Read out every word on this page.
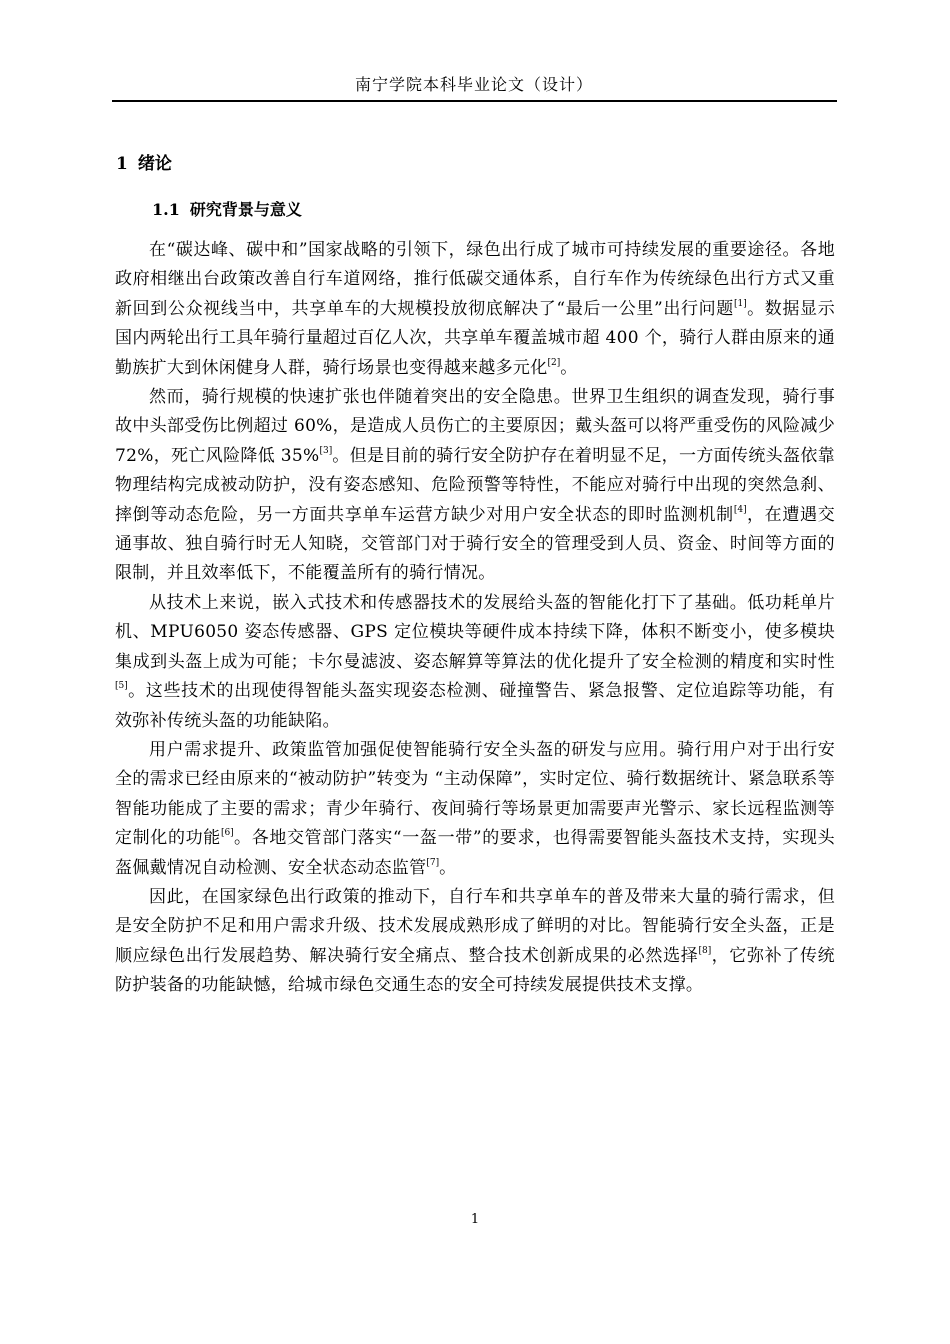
南宁学院本科毕业论文（设计）
1 绪论
1.1 研究背景与意义

在“碳达峰、碳中和”国家战略的引领下，绿色出行成了城市可持续发展的重要途径。各地政府相继出台政策改善自行车道网络，推行低碳交通体系，自行车作为传统绿色出行方式又重新回到公众视线当中，共享单车的大规模投放彻底解决了“最后一公里”出行问题[1]。数据显示国内两轮出行工具年骑行量超过百亿人次，共享单车覆盖城市超 400 个，骑行人群由原来的通勤族扩大到休闲健身人群，骑行场景也变得越来越多元化[2]。

然而，骑行规模的快速扩张也伴随着突出的安全隐患。世界卫生组织的调查发现，骑行事故中头部受伤比例超过 60%，是造成人员伤亡的主要原因；戴头盔可以将严重受伤的风险减少 72%，死亡风险降低 35%[3]。但是目前的骑行安全防护存在着明显不足，一方面传统头盔依靠物理结构完成被动防护，没有姿态感知、危险预警等特性，不能应对骑行中出现的突然急刹、摔倒等动态危险，另一方面共享单车运营方缺少对用户安全状态的即时监测机制[4]，在遭遇交通事故、独自骑行时无人知晓，交管部门对于骑行安全的管理受到人员、资金、时间等方面的限制，并且效率低下，不能覆盖所有的骑行情况。

从技术上来说，嵌入式技术和传感器技术的发展给头盔的智能化打下了基础。低功耗单片机、MPU6050 姿态传感器、GPS 定位模块等硬件成本持续下降，体积不断变小，使多模块集成到头盔上成为可能；卡尔曼滤波、姿态解算等算法的优化提升了安全检测的精度和实时性[5]。这些技术的出现使得智能头盔实现姿态检测、碰撞警告、紧急报警、定位追踪等功能，有效弥补传统头盔的功能缺陷。

用户需求提升、政策监管加强促使智能骑行安全头盔的研发与应用。骑行用户对于出行安全的需求已经由原来的“被动防护”转变为 “主动保障”，实时定位、骑行数据统计、紧急联系等智能功能成了主要的需求；青少年骑行、夜间骑行等场景更加需要声光警示、家长远程监测等定制化的功能[6]。各地交管部门落实“一盔一带”的要求，也得需要智能头盔技术支持，实现头盔佩戴情况自动检测、安全状态动态监管[7]。

因此，在国家绿色出行政策的推动下，自行车和共享单车的普及带来大量的骑行需求，但是安全防护不足和用户需求升级、技术发展成熟形成了鲜明的对比。智能骑行安全头盔，正是顺应绿色出行发展趋势、解决骑行安全痛点、整合技术创新成果的必然选择[8]，它弥补了传统防护装备的功能缺憾，给城市绿色交通生态的安全可持续发展提供技术支撑。

1
